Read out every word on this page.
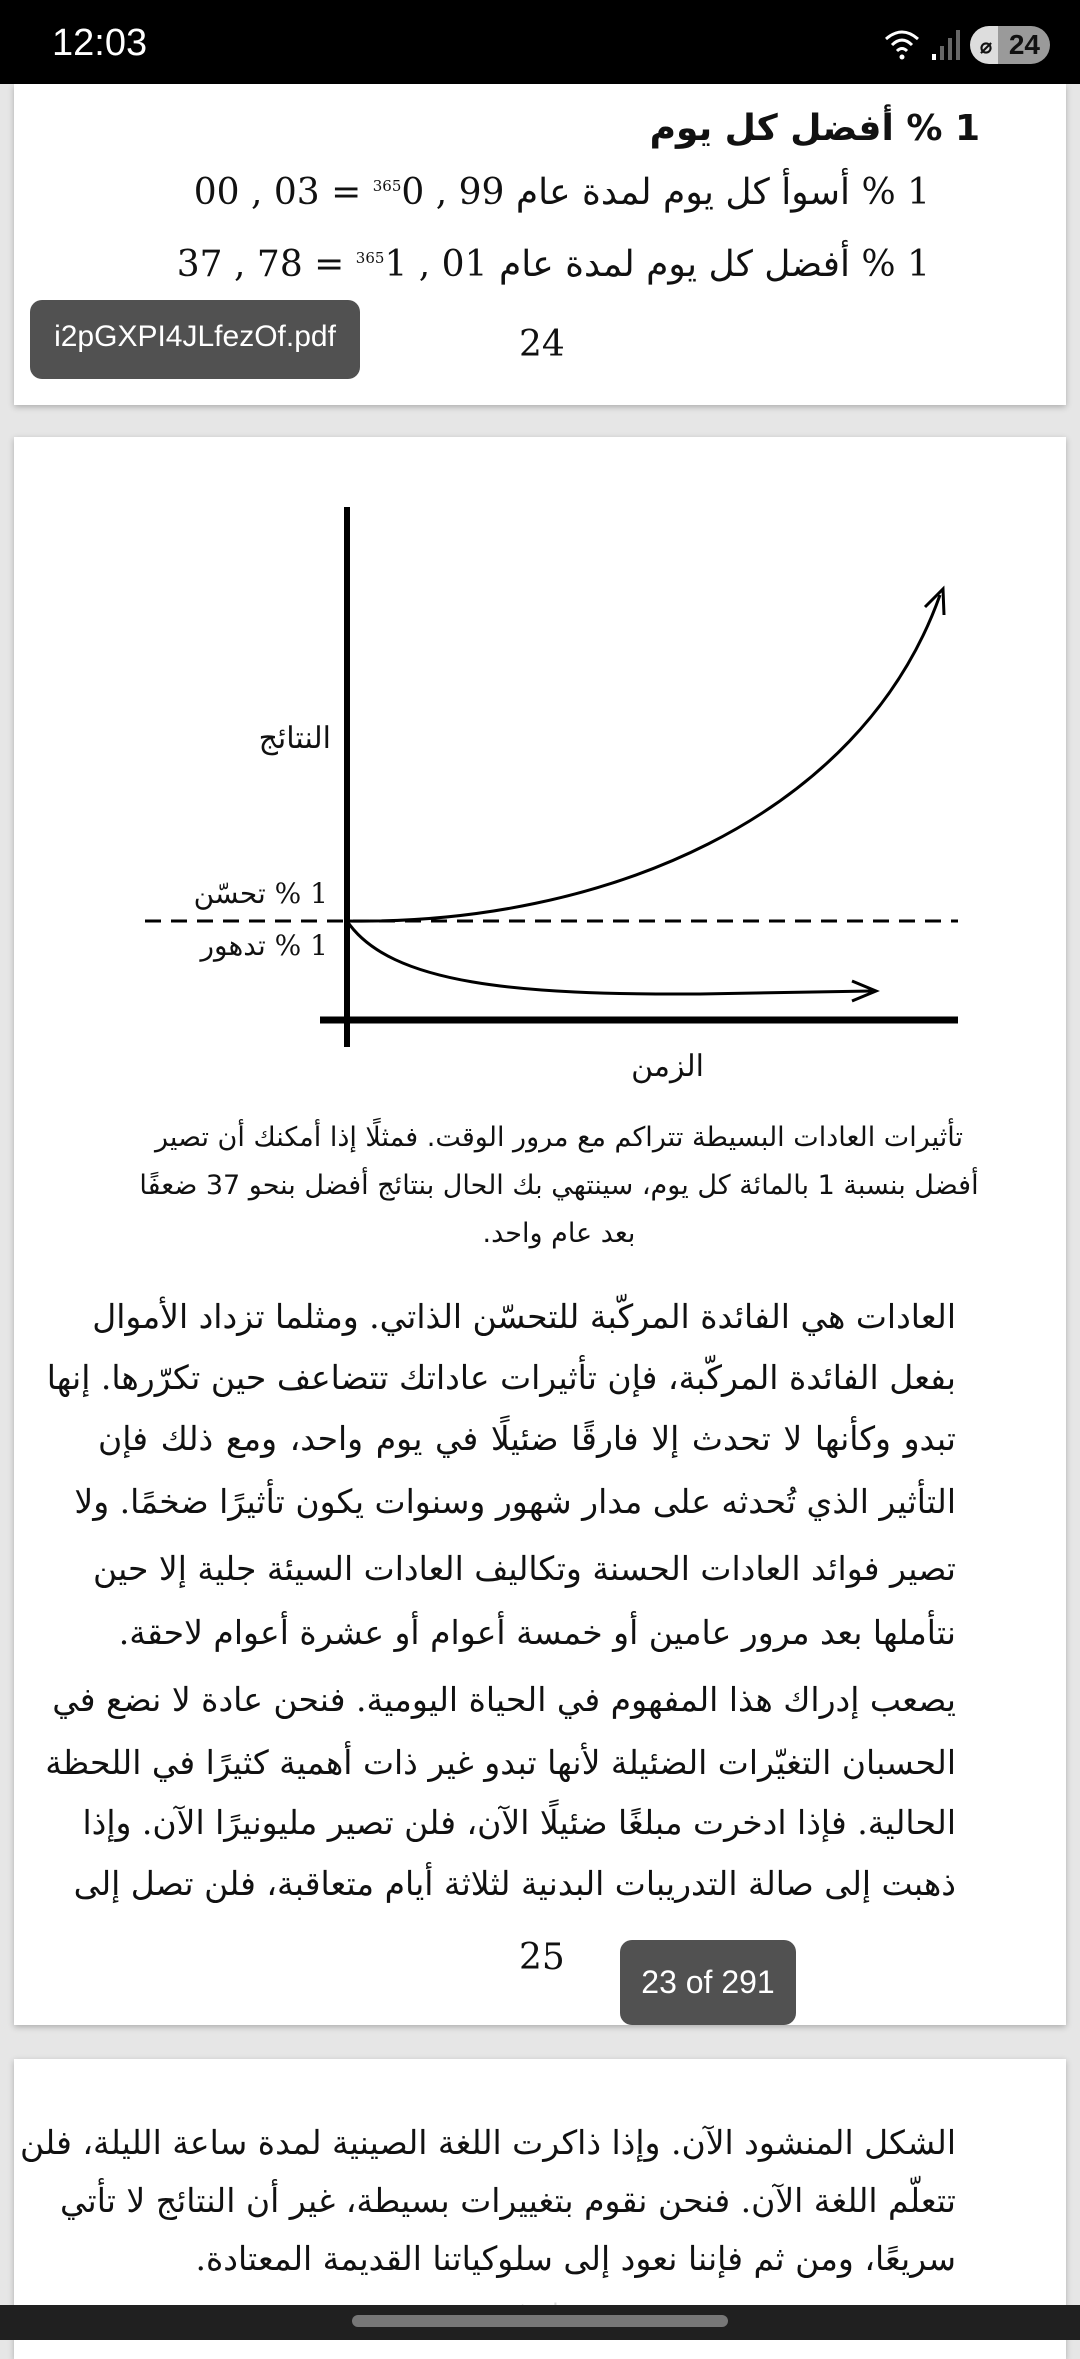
12:03	⌀ 24
1 % أفضل كل يوم
1 % أسوأ كل يوم لمدة عام 00 , 03 = $^{365}$0 , 99
1 % أفضل كل يوم لمدة عام 37 , 78 = $^{365}$1 , 01
24
i2pGXPI4JLfezOf.pdf
النتائج
1 % تحسّن
1 % تدهور
الزمن
تأثيرات العادات البسيطة تتراكم مع مرور الوقت. فمثلًا إذا أمكنك أن تصير
أفضل بنسبة 1 بالمائة كل يوم، سينتهي بك الحال بنتائج أفضل بنحو 37 ضعفًا
بعد عام واحد.
العادات هي الفائدة المركّبة للتحسّن الذاتي. ومثلما تزداد الأموال
بفعل الفائدة المركّبة، فإن تأثيرات عاداتك تتضاعف حين تكرّرها. إنها
تبدو وكأنها لا تحدث إلا فارقًا ضئيلًا في يوم واحد، ومع ذلك فإن
التأثير الذي تُحدثه على مدار شهور وسنوات يكون تأثيرًا ضخمًا. ولا
تصير فوائد العادات الحسنة وتكاليف العادات السيئة جلية إلا حين
نتأملها بعد مرور عامين أو خمسة أعوام أو عشرة أعوام لاحقة.
يصعب إدراك هذا المفهوم في الحياة اليومية. فنحن عادة لا نضع في
الحسبان التغيّرات الضئيلة لأنها تبدو غير ذات أهمية كثيرًا في اللحظة
الحالية. فإذا ادخرت مبلغًا ضئيلًا الآن، فلن تصير مليونيرًا الآن. وإذا
ذهبت إلى صالة التدريبات البدنية لثلاثة أيام متعاقبة، فلن تصل إلى
25
23 of 291
الشكل المنشود الآن. وإذا ذاكرت اللغة الصينية لمدة ساعة الليلة، فلن
تتعلّم اللغة الآن. فنحن نقوم بتغييرات بسيطة، غير أن النتائج لا تأتي
سريعًا، ومن ثم فإننا نعود إلى سلوكياتنا القديمة المعتادة.
